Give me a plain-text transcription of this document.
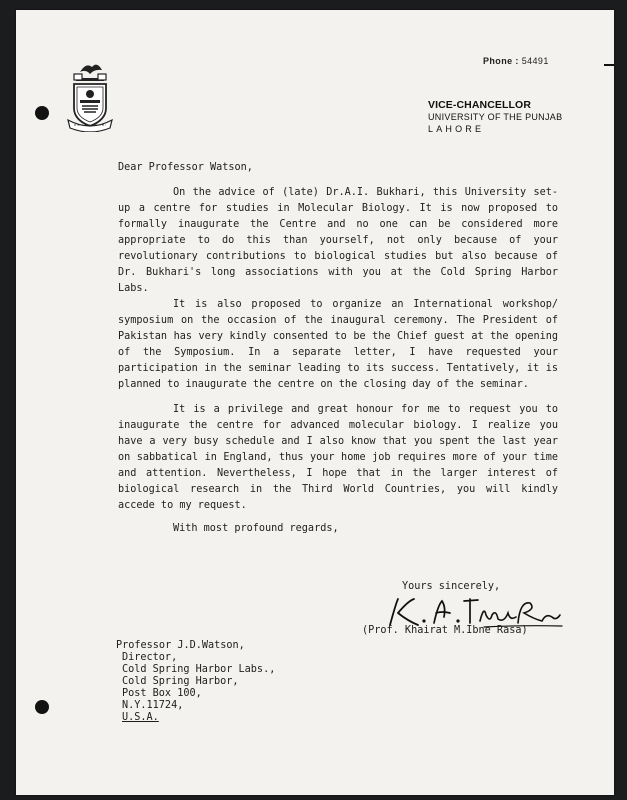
Phone : 54491
VICE-CHANCELLOR
UNIVERSITY OF THE PUNJAB
LAHORE
Dear Professor Watson,

On the advice of (late) Dr.A.I. Bukhari, this University set-up a centre for studies in Molecular Biology. It is now proposed to formally inaugurate the Centre and no one can be considered more appropriate to do this than yourself, not only because of your revolutionary contributions to biological studies but also because of Dr. Bukhari's long associations with you at the Cold Spring Harbor Labs.

It is also proposed to organize an International workshop/ symposium on the occasion of the inaugural ceremony. The President of Pakistan has very kindly consented to be the Chief guest at the opening of the Symposium. In a separate letter, I have requested your participation in the seminar leading to its success. Tentatively, it is planned to inaugurate the centre on the closing day of the seminar.

It is a privilege and great honour for me to request you to inaugurate the centre for advanced molecular biology. I realize you have a very busy schedule and I also know that you spent the last year on sabbatical in England, thus your home job requires more of your time and attention. Nevertheless, I hope that in the larger interest of biological research in the Third World Countries, you will kindly accede to my request.

With most profound regards,
Yours sincerely,
(Prof. Khairat M.Ibne Rasa)
Professor J.D.Watson,
Director,
Cold Spring Harbor Labs.,
Cold Spring Harbor,
Post Box 100,
N.Y.11724,
U.S.A.
